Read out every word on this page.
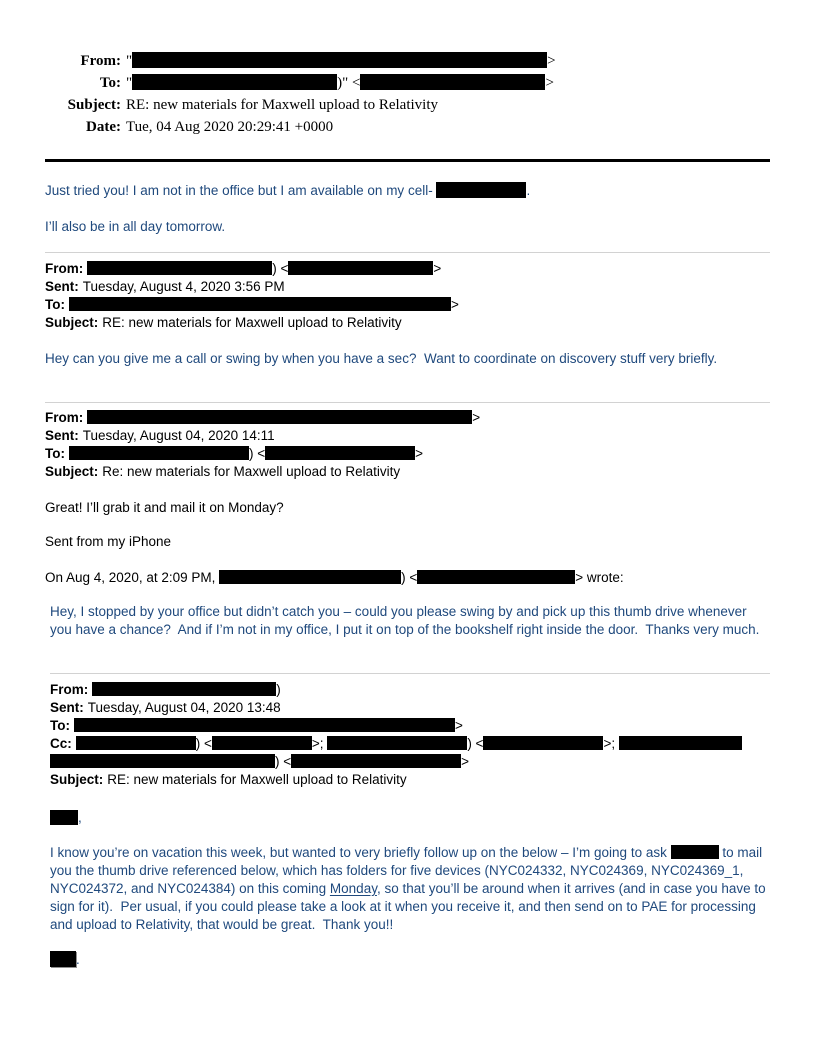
From: "	>
To: "	)" <	>
Subject: RE: new materials for Maxwell upload to Relativity
Date: Tue, 04 Aug 2020 20:29:41 +0000
Just tried you! I am not in the office but I am available on my cell-	.
I’ll also be in all day tomorrow.
From:	) <	>
Sent: Tuesday, August 4, 2020 3:56 PM
To:	>
Subject: RE: new materials for Maxwell upload to Relativity
Hey can you give me a call or swing by when you have a sec?  Want to coordinate on discovery stuff very briefly.
From:	>
Sent: Tuesday, August 04, 2020 14:11
To:	) <	>
Subject: Re: new materials for Maxwell upload to Relativity
Great! I’ll grab it and mail it on Monday?
Sent from my iPhone
On Aug 4, 2020, at 2:09 PM,	) <	> wrote:
Hey, I stopped by your office but didn’t catch you – could you please swing by and pick up this thumb drive whenever you have a chance?  And if I’m not in my office, I put it on top of the bookshelf right inside the door.  Thanks very much.
From:	)
Sent: Tuesday, August 04, 2020 13:48
To:	>
Cc:	) <	>;	) <	>;  ) <	>
Subject: RE: new materials for Maxwell upload to Relativity
,
I know you’re on vacation this week, but wanted to very briefly follow up on the below – I’m going to ask	to mail you the thumb drive referenced below, which has folders for five devices (NYC024332, NYC024369, NYC024369_1, NYC024372, and NYC024384) on this coming Monday, so that you’ll be around when it arrives (and in case you have to sign for it).  Per usual, if you could please take a look at it when you receive it, and then send on to PAE for processing and upload to Relativity, that would be great.  Thank you!!
.
